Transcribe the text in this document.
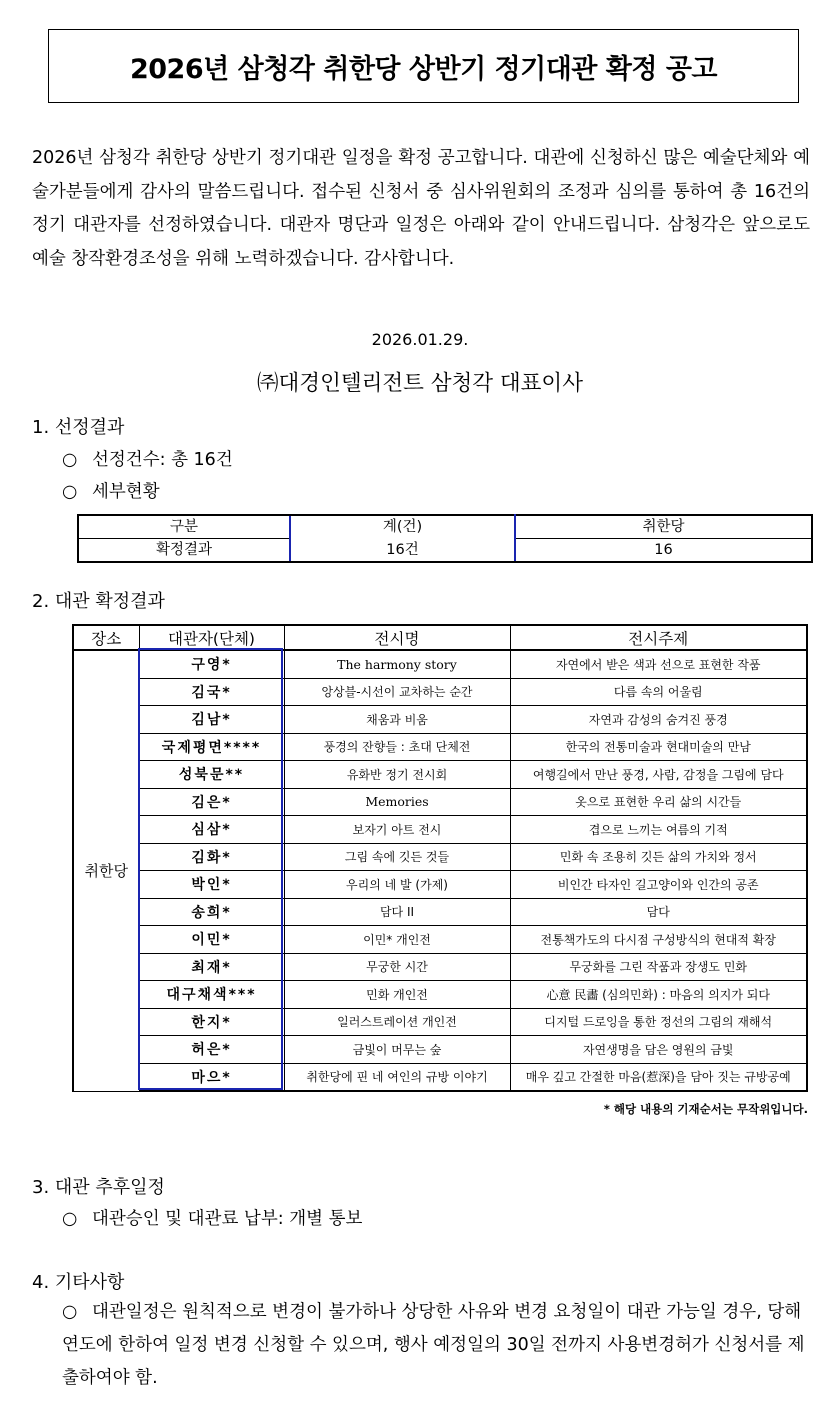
2026년 삼청각 취한당 상반기 정기대관 확정 공고

2026년 삼청각 취한당 상반기 정기대관 일정을 확정 공고합니다. 대관에 신청하신 많은 예술단체와 예술가분들에게 감사의 말씀드립니다. 접수된 신청서 중 심사위원회의 조정과 심의를 통하여 총 16건의 정기 대관자를 선정하였습니다. 대관자 명단과 일정은 아래와 같이 안내드립니다. 삼청각은 앞으로도 예술 창작환경조성을 위해 노력하겠습니다. 감사합니다.

2026.01.29.
㈜대경인텔리전트 삼청각 대표이사
1. 선정결과
○ 선정건수: 총 16건
○ 세부현황
구분	계(건)	취한당
확정결과	16건	16
2. 대관 확정결과
장소	대관자(단체)	전시명	전시주제
취한당	구영*	The harmony story	자연에서 받은 색과 선으로 표현한 작품
	김국*	앙상블-시선이 교차하는 순간	다름 속의 어울림
	김남*	채움과 비움	자연과 감성의 숨겨진 풍경
	국제평면****	풍경의 잔향들 : 초대 단체전	한국의 전통미술과 현대미술의 만남
	성북문**	유화반 정기 전시회	여행길에서 만난 풍경, 사람, 감정을 그림에 담다
	김은*	Memories	옷으로 표현한 우리 삶의 시간들
	심삼*	보자기 아트 전시	겹으로 느끼는 여름의 기적
	김화*	그림 속에 깃든 것들	민화 속 조용히 깃든 삶의 가치와 정서
	박인*	우리의 네 발 (가제)	비인간 타자인 길고양이와 인간의 공존
	송희*	담다 II	담다
	이민*	이민* 개인전	전통책가도의 다시점 구성방식의 현대적 확장
	최재*	무궁한 시간	무궁화를 그린 작품과 장생도 민화
	대구채색***	민화 개인전	心意 民畵 (심의민화) : 마음의 의지가 되다
	한지*	일러스트레이션 개인전	디지털 드로잉을 통한 정선의 그림의 재해석
	허은*	금빛이 머무는 숲	자연생명을 담은 영원의 금빛
	마으*	취한당에 핀 네 여인의 규방 이야기	매우 깊고 간절한 마음(惹深)을 담아 짓는 규방공예
* 해당 내용의 기재순서는 무작위입니다.
3. 대관 추후일정
○ 대관승인 및 대관료 납부: 개별 통보
4. 기타사항

○ 대관일정은 원칙적으로 변경이 불가하나 상당한 사유와 변경 요청일이 대관 가능일 경우, 당해 연도에 한하여 일정 변경 신청할 수 있으며, 행사 예정일의 30일 전까지 사용변경허가 신청서를 제출하여야 함.
